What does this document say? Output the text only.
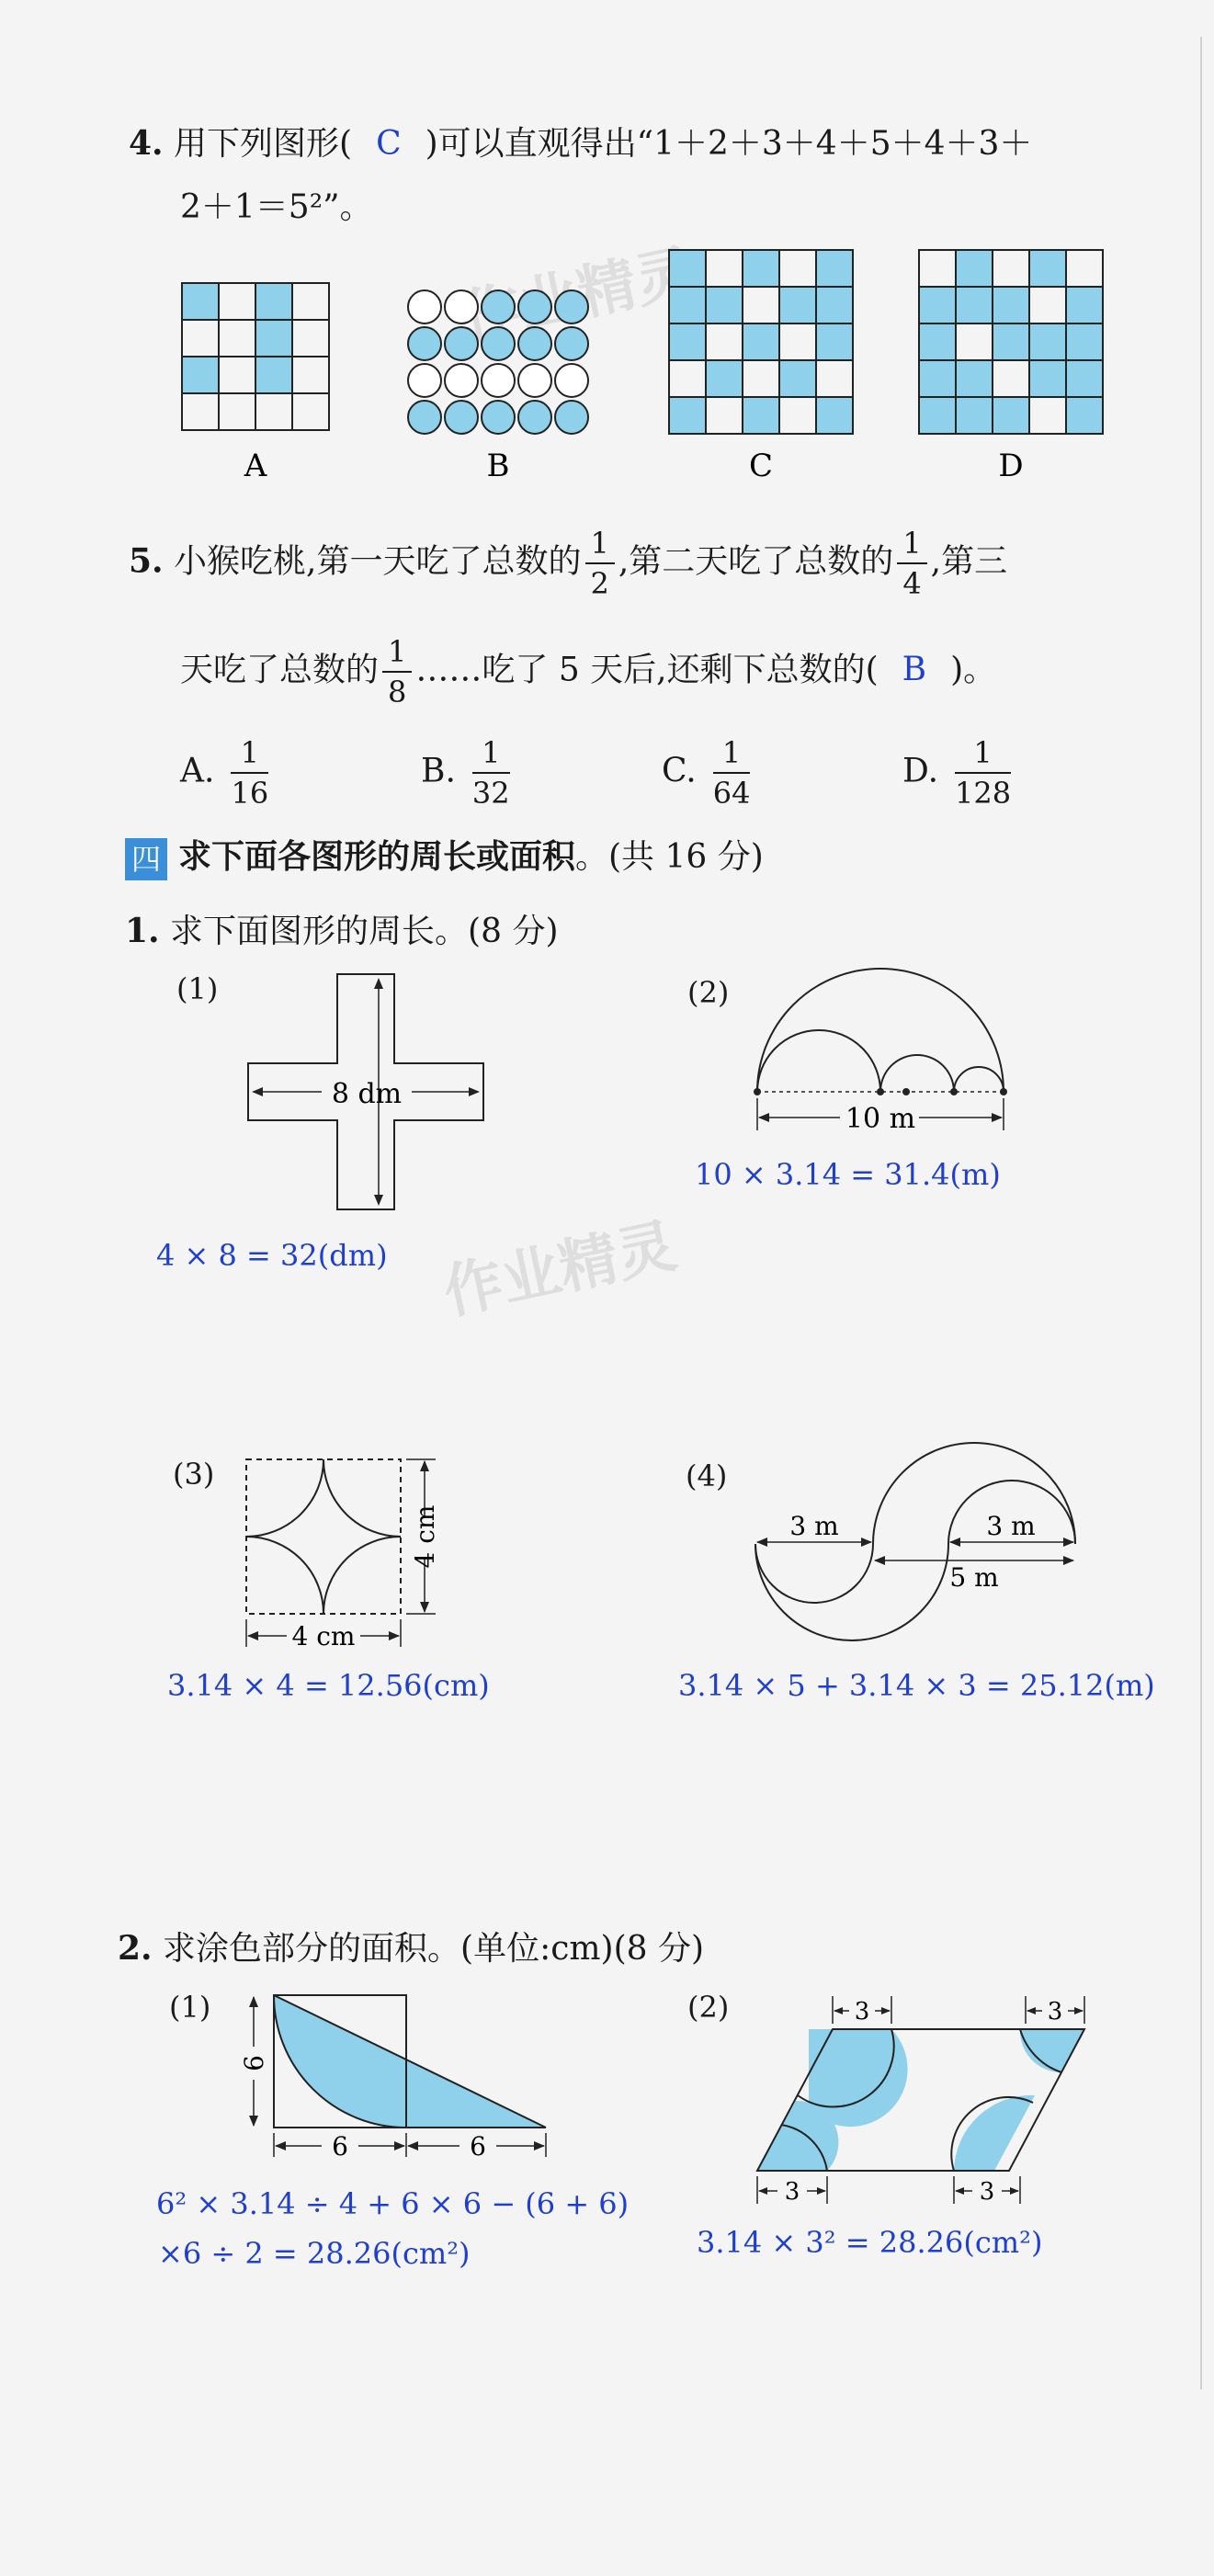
作业精灵
4. 用下列图形( C )可以直观得出“1＋2＋3＋4＋5＋4＋3＋
2＋1＝5²”。
A	B	C	D
5. 小猴吃桃,第一天吃了总数的 $\frac{1}{2}$ ,第二天吃了总数的 $\frac{1}{4}$ ,第三
天吃了总数的 $\frac{1}{8}$ ……吃了 5 天后,还剩下总数的( B )。
A. $\frac{1}{16}$	B. $\frac{1}{32}$	C. $\frac{1}{64}$	D. $\frac{1}{128}$
四 求下面各图形的周长或面积。(共 16 分)
1. 求下面图形的周长。(8 分)
(1)
8 dm
4 × 8 = 32(dm)
(2)
10 m
10 × 3.14 = 31.4(m)
(3)
4 cm
4 cm
3.14 × 4 = 12.56(cm)
(4)
3 m	3 m
5 m
3.14 × 5 + 3.14 × 3 = 25.12(m)
2. 求涂色部分的面积。(单位:cm)(8 分)
(1)
6
6	6
6² × 3.14 ÷ 4 + 6 × 6 − (6 + 6)
×6 ÷ 2 = 28.26(cm²)
(2)	3	3
3	3
3.14 × 3² = 28.26(cm²)
